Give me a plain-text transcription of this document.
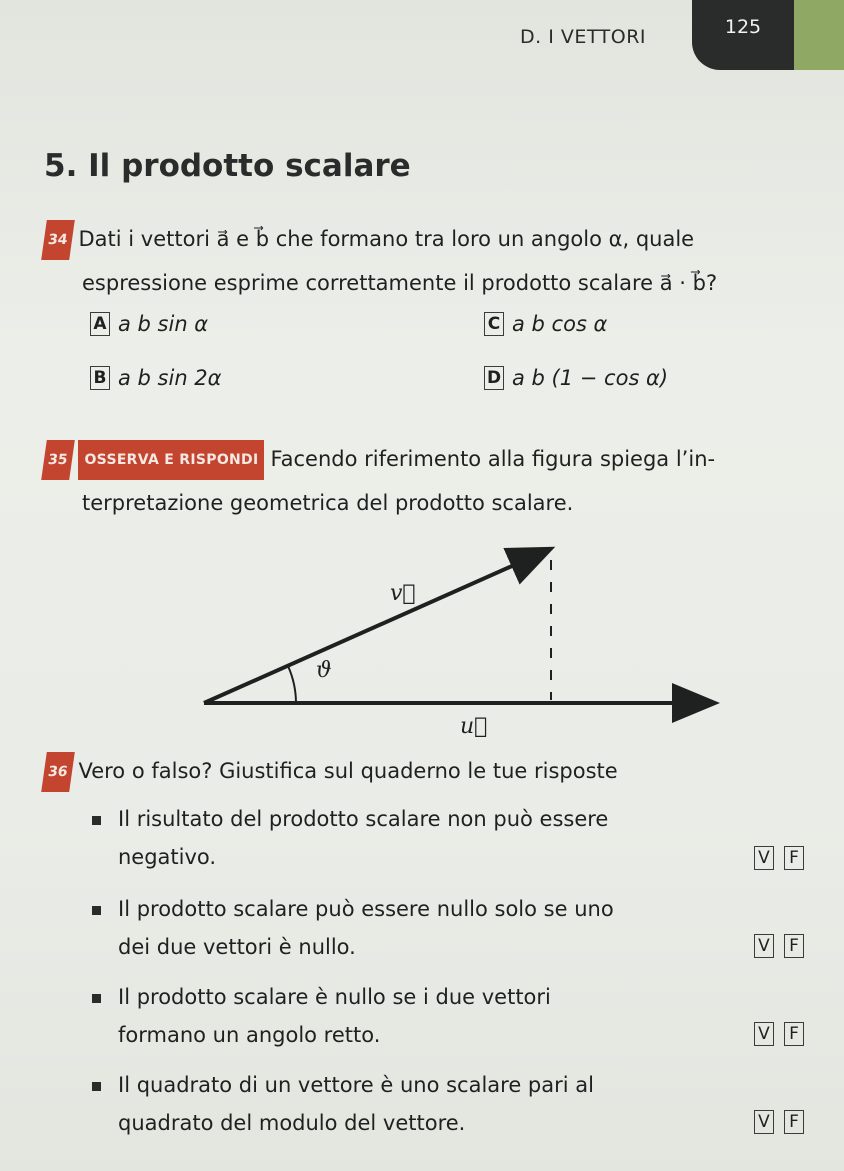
D. I VETTORI	125
5. Il prodotto scalare
34 Dati i vettori a⃗ e b⃗ che formano tra loro un angolo α, quale
espressione esprime correttamente il prodotto scalare a⃗ · b⃗?
A a b sin α	C a b cos α
B a b sin 2α	D a b (1 − cos α)
35 OSSERVA E RISPONDI Facendo riferimento alla figura spiega l’in-
terpretazione geometrica del prodotto scalare.
v⃗
ϑ
u⃗
36 Vero o falso? Giustifica sul quaderno le tue risposte
Il risultato del prodotto scalare non può essere
negativo.	V	F
Il prodotto scalare può essere nullo solo se uno
dei due vettori è nullo.	V	F
Il prodotto scalare è nullo se i due vettori
formano un angolo retto.	V	F
Il quadrato di un vettore è uno scalare pari al
quadrato del modulo del vettore.	V	F
